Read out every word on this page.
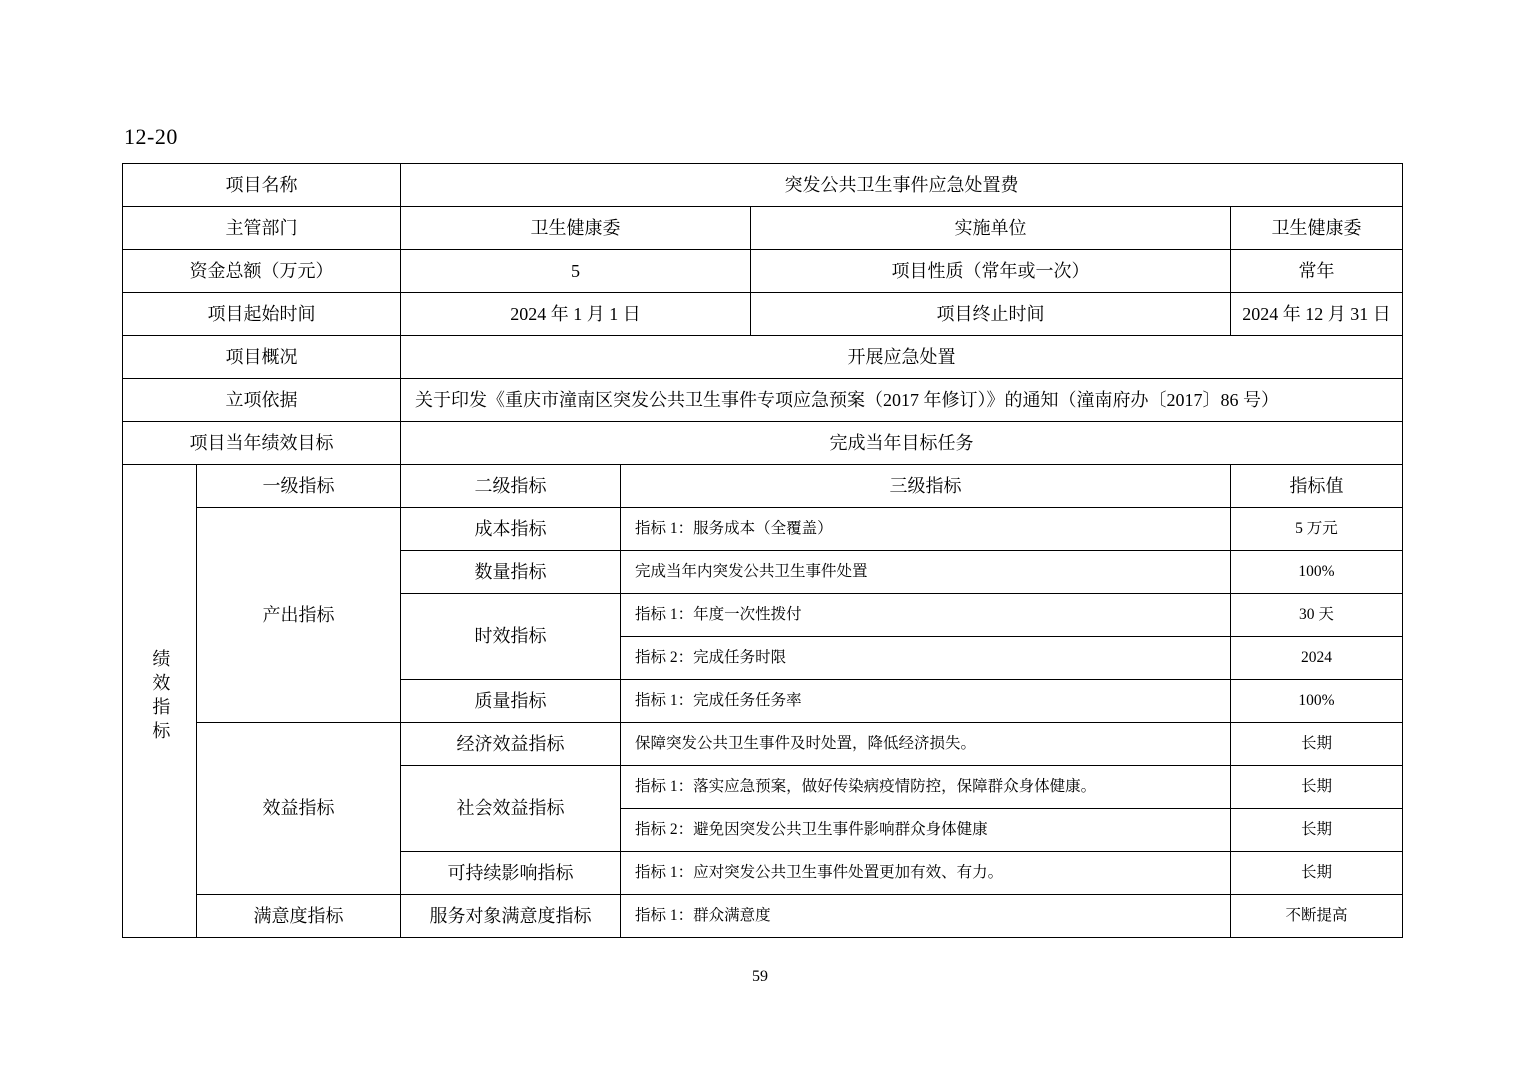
12-20
项目名称		突发公共卫生事件应急处置费			

主管部门		卫生健康委		实施单位	卫生健康委

资金总额（万元）		5		项目性质（常年或一次）	常年

项目起始时间		2024 年 1 月 1 日		项目终止时间	2024 年 12 月 31 日

项目概况		开展应急处置			

立项依据		关于印发《重庆市潼南区突发公共卫生事件专项应急预案（2017 年修订）》的通知（潼南府办〔2017〕86 号）			

项目当年绩效目标		完成当年目标任务			

绩效指标	一级指标	二级指标	三级指标		指标值

	产出指标	成本指标	指标 1：服务成本（全覆盖）		5 万元

		数量指标	完成当年内突发公共卫生事件处置		100%

		时效指标	指标 1：年度一次性拨付		30 天

			指标 2：完成任务时限		2024

		质量指标	指标 1：完成任务任务率		100%

	效益指标	经济效益指标	保障突发公共卫生事件及时处置，降低经济损失。		长期

		社会效益指标	指标 1：落实应急预案，做好传染病疫情防控，保障群众身体健康。		长期

			指标 2：避免因突发公共卫生事件影响群众身体健康		长期

		可持续影响指标	指标 1：应对突发公共卫生事件处置更加有效、有力。		长期

	满意度指标	服务对象满意度指标	指标 1：群众满意度		不断提高
59
